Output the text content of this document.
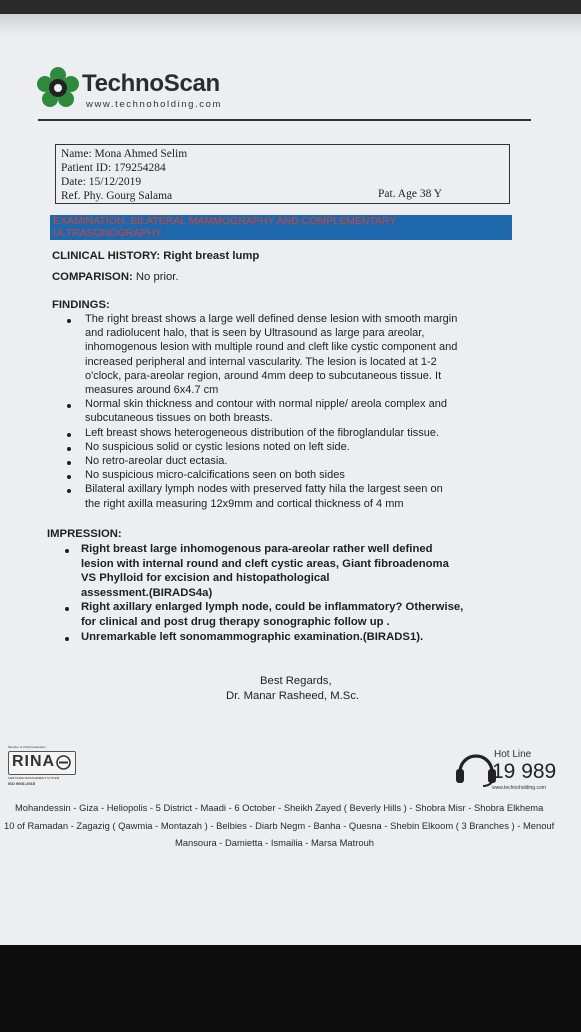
TechnoScan
www.technoholding.com
Name: Mona Ahmed Selim
Patient ID: 179254284
Date: 15/12/2019
Ref. Phy. Gourg Salama	Pat. Age 38 Y
EXAMINATION: BILATERAL MAMMOGRAPHY AND COMPLEMENTARY
ULTRASONOGRAPHY
CLINICAL HISTORY: Right breast lump
COMPARISON: No prior.
FINDINGS:
The right breast shows a large well defined dense lesion with smooth margin
and radiolucent halo, that is seen by Ultrasound as large para areolar,
inhomogenous lesion with multiple round and cleft like cystic component and
increased peripheral and internal vascularity. The lesion is located at 1-2
o'clock, para-areolar region, around 4mm deep to subcutaneous tissue. It
measures around 6x4.7 cm
Normal skin thickness and contour with normal nipple/ areola complex and
subcutaneous tissues on both breasts.
Left breast shows heterogeneous distribution of the fibroglandular tissue.
No suspicious solid or cystic lesions noted on left side.
No retro-areolar duct ectasia.
No suspicious micro-calcifications seen on both sides
Bilateral axillary lymph nodes with preserved fatty hila the largest seen on
the right axilla measuring 12x9mm and cortical thickness of 4 mm
IMPRESSION:
Right breast large inhomogenous para-areolar rather well defined
lesion with internal round and cleft cystic areas, Giant fibroadenoma
VS Phylloid for excision and histopathological
assessment.(BIRADS4a)
Right axillary enlarged lymph node, could be inflammatory? Otherwise,
for clinical and post drug therapy sonographic follow up .
Unremarkable left sonomammographic examination.(BIRADS1).
Best Regards,
Dr. Manar Rasheed, M.Sc.
Member of CISQ Federation
RINA
CERTIFIED MANAGEMENT SYSTEM
ISO 9001:2015
Hot Line
19 989
www.technoholding.com
Mohandessin - Giza - Heliopolis - 5 District - Maadi - 6 October - Sheikh Zayed ( Beverly Hills ) - Shobra Misr - Shobra Elkhema
10 of Ramadan - Zagazig ( Qawmia - Montazah ) - Belbies - Diarb Negm - Banha - Quesna - Shebin Elkoom ( 3 Branches ) - Menouf
Mansoura - Damietta - Ismailia - Marsa Matrouh
